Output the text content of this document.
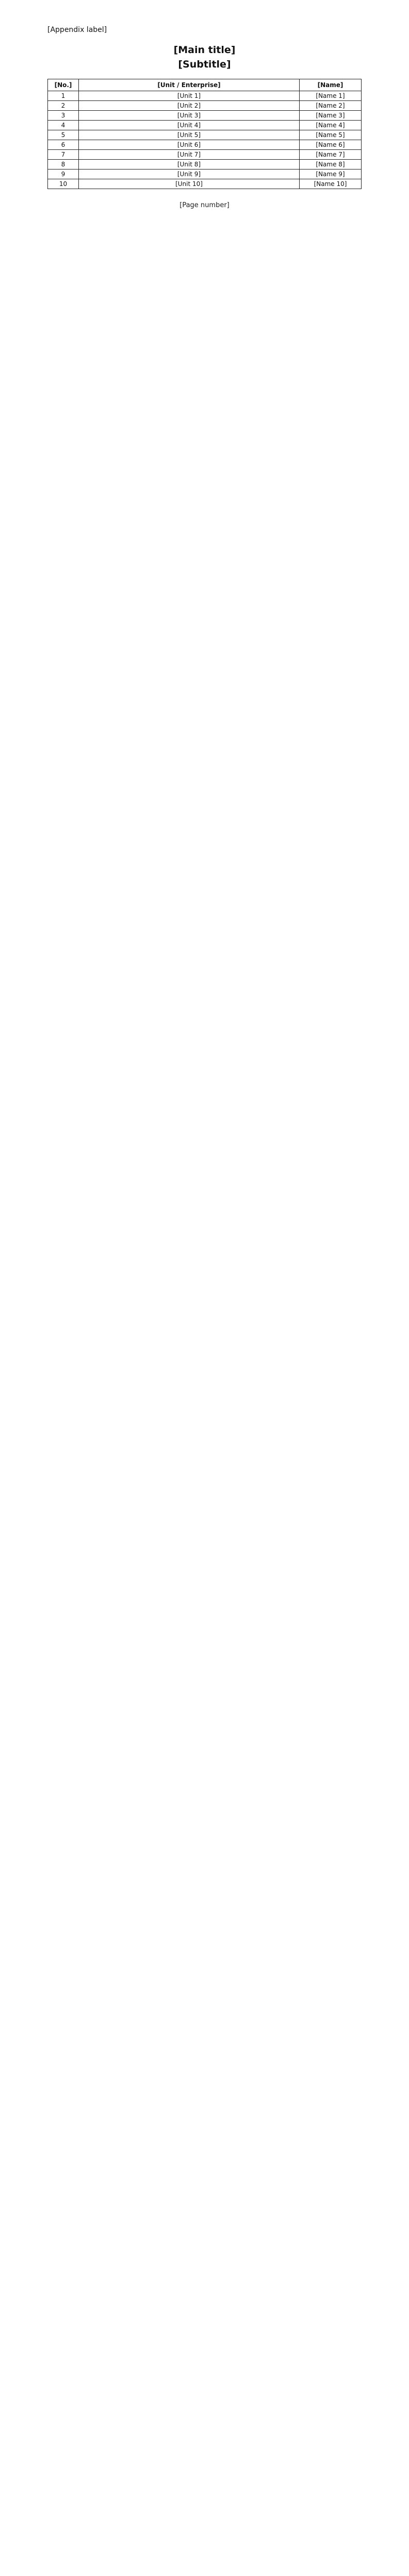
[Appendix label]
[Main title]
[Subtitle]
[No.]	[Unit / Enterprise]	[Name]
1	[Unit 1]	[Name 1]
2	[Unit 2]	[Name 2]
3	[Unit 3]	[Name 3]
4	[Unit 4]	[Name 4]
5	[Unit 5]	[Name 5]
6	[Unit 6]	[Name 6]
7	[Unit 7]	[Name 7]
8	[Unit 8]	[Name 8]
9	[Unit 9]	[Name 9]
10	[Unit 10]	[Name 10]
[Page number]
